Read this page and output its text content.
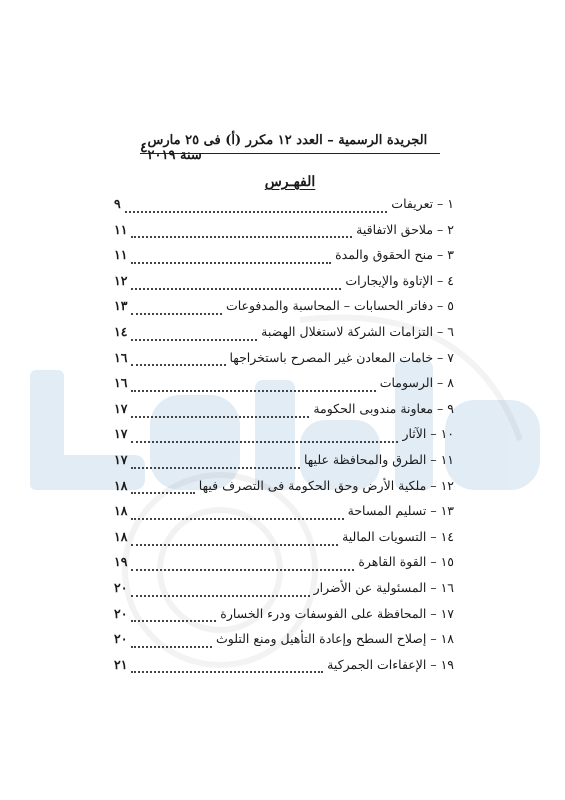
٤ الجريدة الرسمية – العدد ١٢ مكرر (أ) فى ٢٥ مارس سنة ٢٠١٩
الفهـرس
١ – تعريفات
٩
٢ – ملاحق الاتفاقية
١١
٣ – منح الحقوق والمدة
١١
٤ – الإتاوة والإيجارات
١٢
٥ – دفاتر الحسابات – المحاسبة والمدفوعات
١٣
٦ – التزامات الشركة لاستغلال الهضبة
١٤
٧ – خامات المعادن غير المصرح باستخراجها
١٦
٨ – الرسومات
١٦
٩ – معاونة مندوبى الحكومة
١٧
١٠ – الآثار
١٧
١١ – الطرق والمحافظة عليها
١٧
١٢ – ملكية الأرض وحق الحكومة فى التصرف فيها
١٨
١٣ – تسليم المساحة
١٨
١٤ – التسويات المالية
١٨
١٥ – القوة القاهرة
١٩
١٦ – المسئولية عن الأضرار
٢٠
١٧ – المحافظة على الفوسفات ودرء الخسارة
٢٠
١٨ – إصلاح السطح وإعادة التأهيل ومنع التلوث
٢٠
١٩ – الإعفاءات الجمركية
٢١
